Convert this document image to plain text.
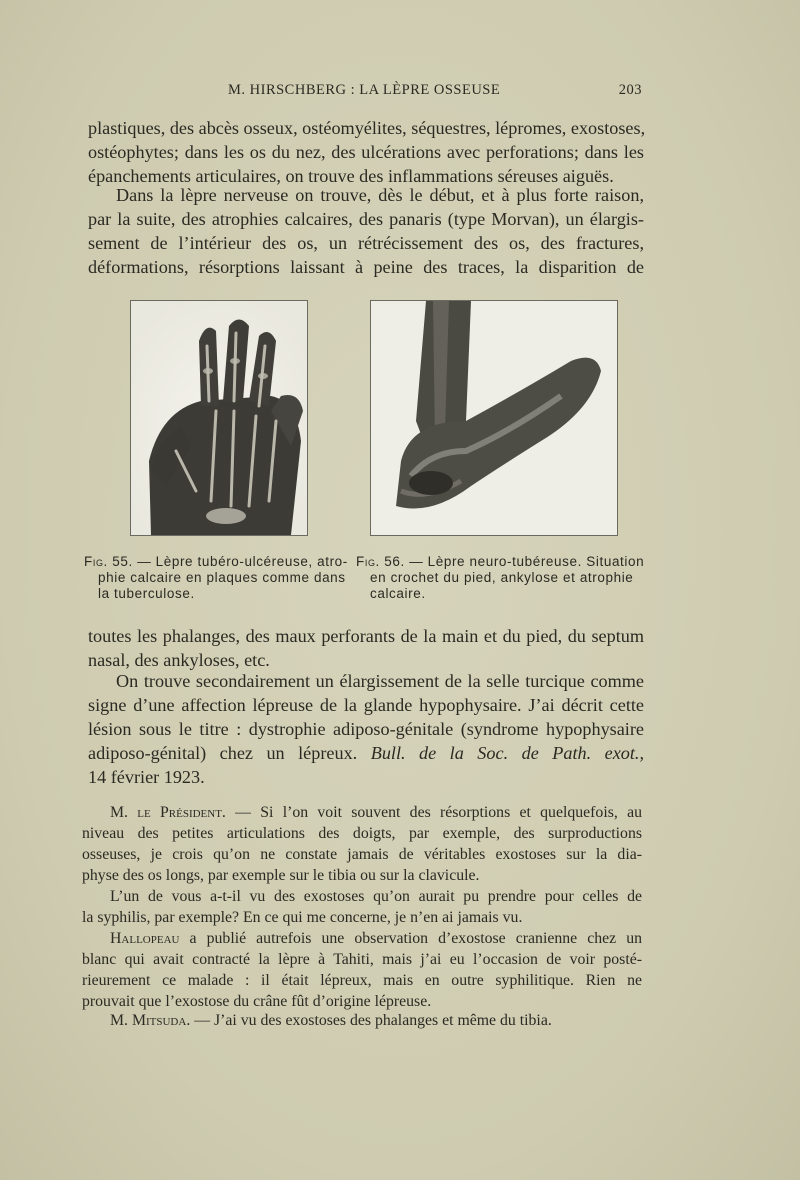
M. HIRSCHBERG : LA LÈPRE OSSEUSE	203
plastiques, des abcès osseux, ostéomyélites, séquestres, lépromes, exostoses,
ostéophytes; dans les os du nez, des ulcérations avec perforations; dans les
épanchements articulaires, on trouve des inflammations séreuses aiguës.
Dans la lèpre nerveuse on trouve, dès le début, et à plus forte raison,
par la suite, des atrophies calcaires, des panaris (type Morvan), un élargis-
sement de l’intérieur des os, un rétrécissement des os, des fractures,
déformations, résorptions laissant à peine des traces, la disparition de
Fig. 55. — Lèpre tubéro-ulcéreuse, atro-
phie calcaire en plaques comme dans
la tuberculose.
Fig. 56. — Lèpre neuro-tubéreuse. Situation
en crochet du pied, ankylose et atrophie
calcaire.
toutes les phalanges, des maux perforants de la main et du pied, du septum
nasal, des ankyloses, etc.
On trouve secondairement un élargissement de la selle turcique comme
signe d’une affection lépreuse de la glande hypophysaire. J’ai décrit cette
lésion sous le titre : dystrophie adiposo-génitale (syndrome hypophysaire
adiposo-génital) chez un lépreux. Bull. de la Soc. de Path. exot.,
14 février 1923.
M. le Président. — Si l’on voit souvent des résorptions et quelquefois, au
niveau des petites articulations des doigts, par exemple, des surproductions
osseuses, je crois qu’on ne constate jamais de véritables exostoses sur la dia-
physe des os longs, par exemple sur le tibia ou sur la clavicule.
L’un de vous a-t-il vu des exostoses qu’on aurait pu prendre pour celles de
la syphilis, par exemple? En ce qui me concerne, je n’en ai jamais vu.
Hallopeau a publié autrefois une observation d’exostose cranienne chez un
blanc qui avait contracté la lèpre à Tahiti, mais j’ai eu l’occasion de voir posté-
rieurement ce malade : il était lépreux, mais en outre syphilitique. Rien ne
prouvait que l’exostose du crâne fût d’origine lépreuse.
M. Mitsuda. — J’ai vu des exostoses des phalanges et même du tibia.
